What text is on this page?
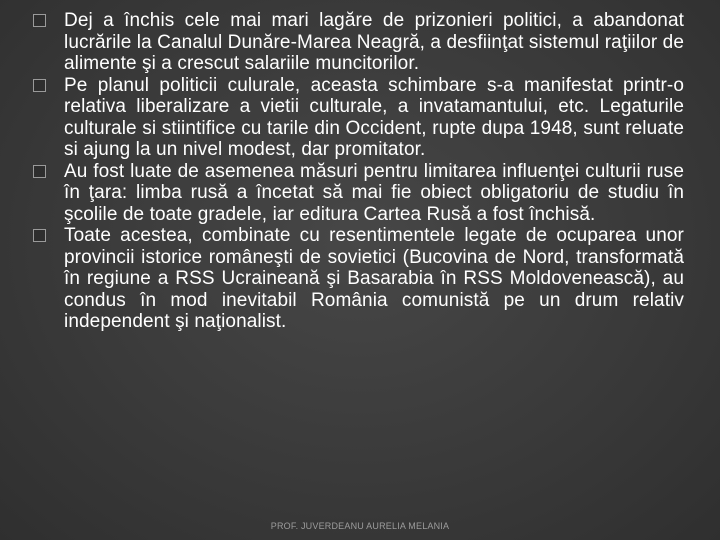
Dej a închis cele mai mari lagăre de prizonieri politici, a abandonat lucrările la Canalul Dunăre-Marea Neagră, a desfiinţat sistemul raţiilor de alimente şi a crescut salariile muncitorilor.
Pe planul politicii culurale, aceasta schimbare s-a manifestat printr-o relativa liberalizare a vietii culturale, a invatamantului, etc. Legaturile culturale si stiintifice cu tarile din Occident, rupte dupa 1948, sunt reluate si ajung la un nivel modest, dar promitator.
Au fost luate de asemenea măsuri pentru limitarea influenţei culturii ruse în ţara: limba rusă a încetat să mai fie obiect obligatoriu de studiu în şcolile de toate gradele, iar editura Cartea Rusă a fost închisă.
Toate acestea, combinate cu resentimentele legate de ocuparea unor provincii istorice româneşti de sovietici (Bucovina de Nord, transformată în regiune a RSS Ucraineană şi Basarabia în RSS Moldovenească), au condus în mod inevitabil România comunistă pe un drum relativ independent şi naţionalist.
PROF. JUVERDEANU AURELIA MELANIA
